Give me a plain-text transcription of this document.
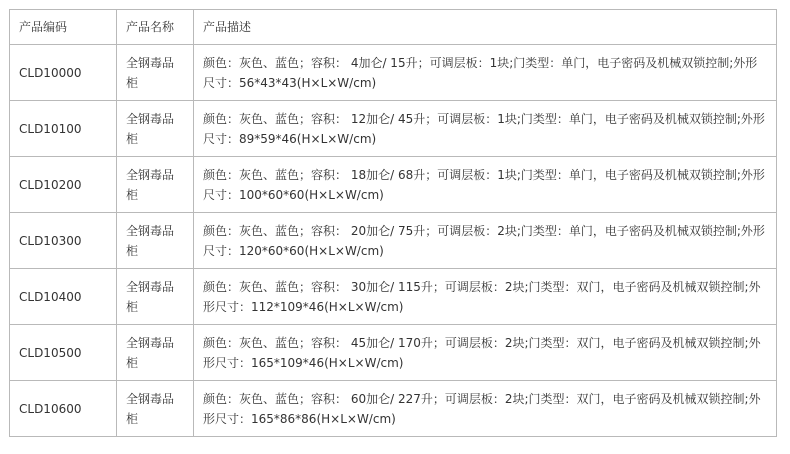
产品编码	产品名称	产品描述
CLD10000	全钢毒品柜	颜色：灰色、蓝色；容积： 4加仑/ 15升；可调层板：1块;门类型：单门，电子密码及机械双锁控制;外形尺寸：56*43*43(H×L×W/cm)
CLD10100	全钢毒品柜	颜色：灰色、蓝色；容积： 12加仑/ 45升；可调层板：1块;门类型：单门，电子密码及机械双锁控制;外形尺寸：89*59*46(H×L×W/cm)
CLD10200	全钢毒品柜	颜色：灰色、蓝色；容积： 18加仑/ 68升；可调层板：1块;门类型：单门，电子密码及机械双锁控制;外形尺寸：100*60*60(H×L×W/cm)
CLD10300	全钢毒品柜	颜色：灰色、蓝色；容积： 20加仑/ 75升；可调层板：2块;门类型：单门，电子密码及机械双锁控制;外形尺寸：120*60*60(H×L×W/cm)
CLD10400	全钢毒品柜	颜色：灰色、蓝色；容积： 30加仑/ 115升；可调层板：2块;门类型：双门，电子密码及机械双锁控制;外形尺寸：112*109*46(H×L×W/cm)
CLD10500	全钢毒品柜	颜色：灰色、蓝色；容积： 45加仑/ 170升；可调层板：2块;门类型：双门，电子密码及机械双锁控制;外形尺寸：165*109*46(H×L×W/cm)
CLD10600	全钢毒品柜	颜色：灰色、蓝色；容积： 60加仑/ 227升；可调层板：2块;门类型：双门，电子密码及机械双锁控制;外形尺寸：165*86*86(H×L×W/cm)
